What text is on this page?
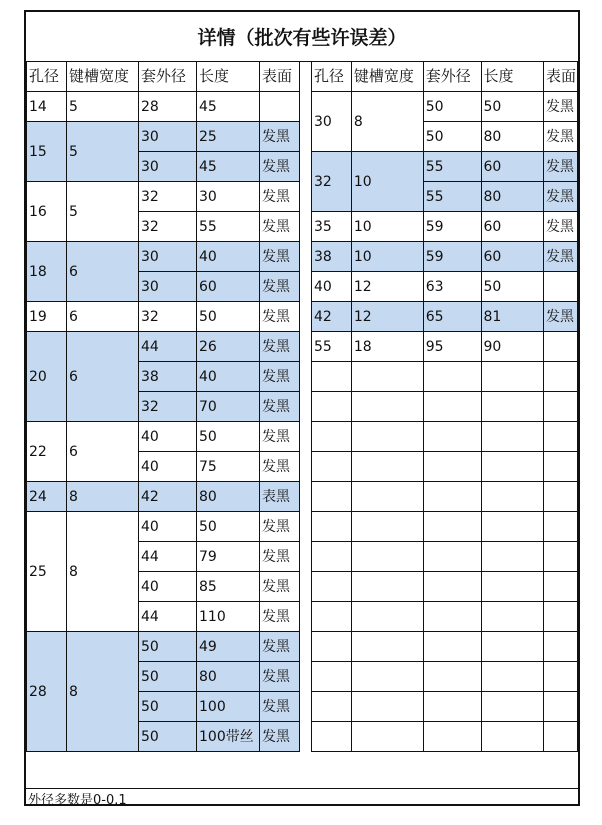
详情（批次有些许误差）
孔径	键槽宽度	套外径	长度	表面
14	5	28	45	
15	5	30	25	发黑
		30	45	发黑
16	5	32	30	发黑
		32	55	发黑
18	6	30	40	发黑
		30	60	发黑
19	6	32	50	发黑
20	6	44	26	发黑
		38	40	发黑
		32	70	发黑
22	6	40	50	发黑
		40	75	发黑
24	8	42	80	表黑
25	8	40	50	发黑
		44	79	发黑
		40	85	发黑
		44	110	发黑
28	8	50	49	发黑
		50	80	发黑
		50	100	发黑
		50	100带丝	发黑
孔径	键槽宽度	套外径	长度	表面
30	8	50	50	发黑
		50	80	发黑
32	10	55	60	发黑
		55	80	发黑
35	10	59	60	发黑
38	10	59	60	发黑
40	12	63	50	
42	12	65	81	发黑
55	18	95	90	

外径多数是0-0.1
